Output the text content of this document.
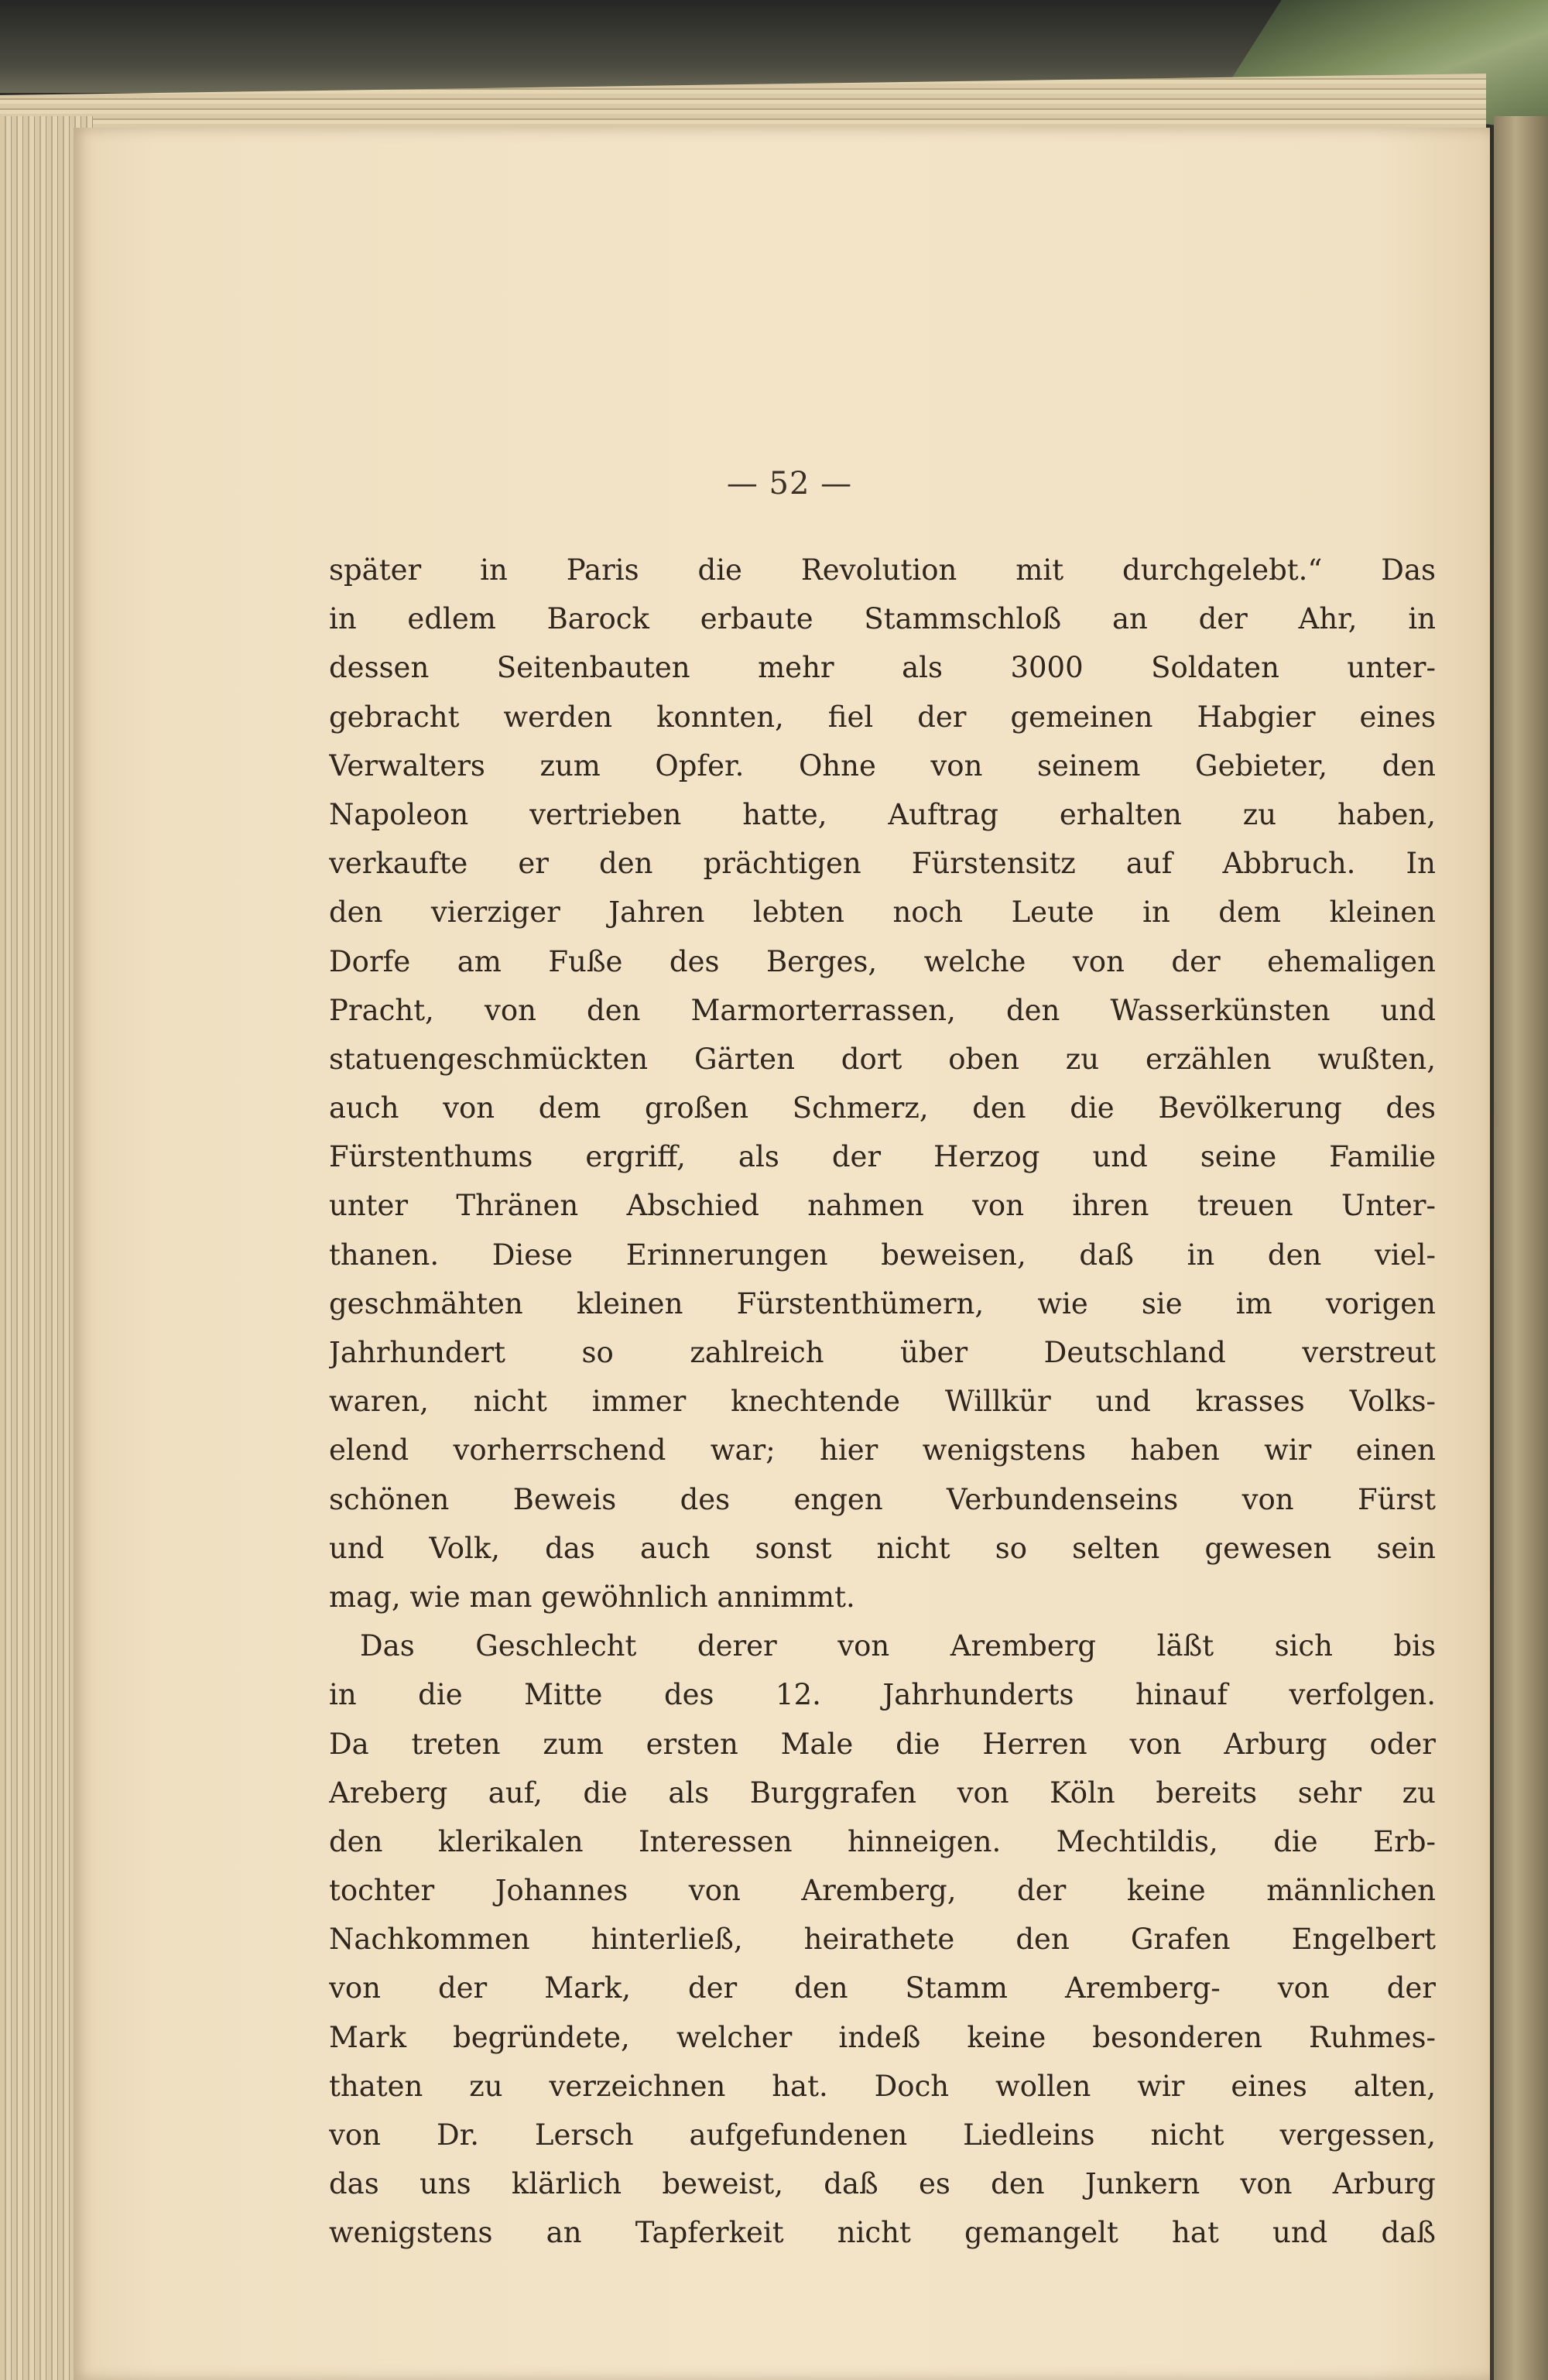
— 52 —
später in Paris die Revolution mit durchgelebt.“ Das
in edlem Barock erbaute Stammschloß an der Ahr, in
dessen Seitenbauten mehr als 3000 Soldaten unter-
gebracht werden konnten, fiel der gemeinen Habgier eines
Verwalters zum Opfer. Ohne von seinem Gebieter, den
Napoleon vertrieben hatte, Auftrag erhalten zu haben,
verkaufte er den prächtigen Fürstensitz auf Abbruch. In
den vierziger Jahren lebten noch Leute in dem kleinen
Dorfe am Fuße des Berges, welche von der ehemaligen
Pracht, von den Marmorterrassen, den Wasserkünsten und
statuengeschmückten Gärten dort oben zu erzählen wußten,
auch von dem großen Schmerz, den die Bevölkerung des
Fürstenthums ergriff, als der Herzog und seine Familie
unter Thränen Abschied nahmen von ihren treuen Unter-
thanen. Diese Erinnerungen beweisen, daß in den viel-
geschmähten kleinen Fürstenthümern, wie sie im vorigen
Jahrhundert so zahlreich über Deutschland verstreut
waren, nicht immer knechtende Willkür und krasses Volks-
elend vorherrschend war; hier wenigstens haben wir einen
schönen Beweis des engen Verbundenseins von Fürst
und Volk, das auch sonst nicht so selten gewesen sein
mag, wie man gewöhnlich annimmt.
Das Geschlecht derer von Aremberg läßt sich bis
in die Mitte des 12. Jahrhunderts hinauf verfolgen.
Da treten zum ersten Male die Herren von Arburg oder
Areberg auf, die als Burggrafen von Köln bereits sehr zu
den klerikalen Interessen hinneigen. Mechtildis, die Erb-
tochter Johannes von Aremberg, der keine männlichen
Nachkommen hinterließ, heirathete den Grafen Engelbert
von der Mark, der den Stamm Aremberg- von der
Mark begründete, welcher indeß keine besonderen Ruhmes-
thaten zu verzeichnen hat. Doch wollen wir eines alten,
von Dr. Lersch aufgefundenen Liedleins nicht vergessen,
das uns klärlich beweist, daß es den Junkern von Arburg
wenigstens an Tapferkeit nicht gemangelt hat und daß
